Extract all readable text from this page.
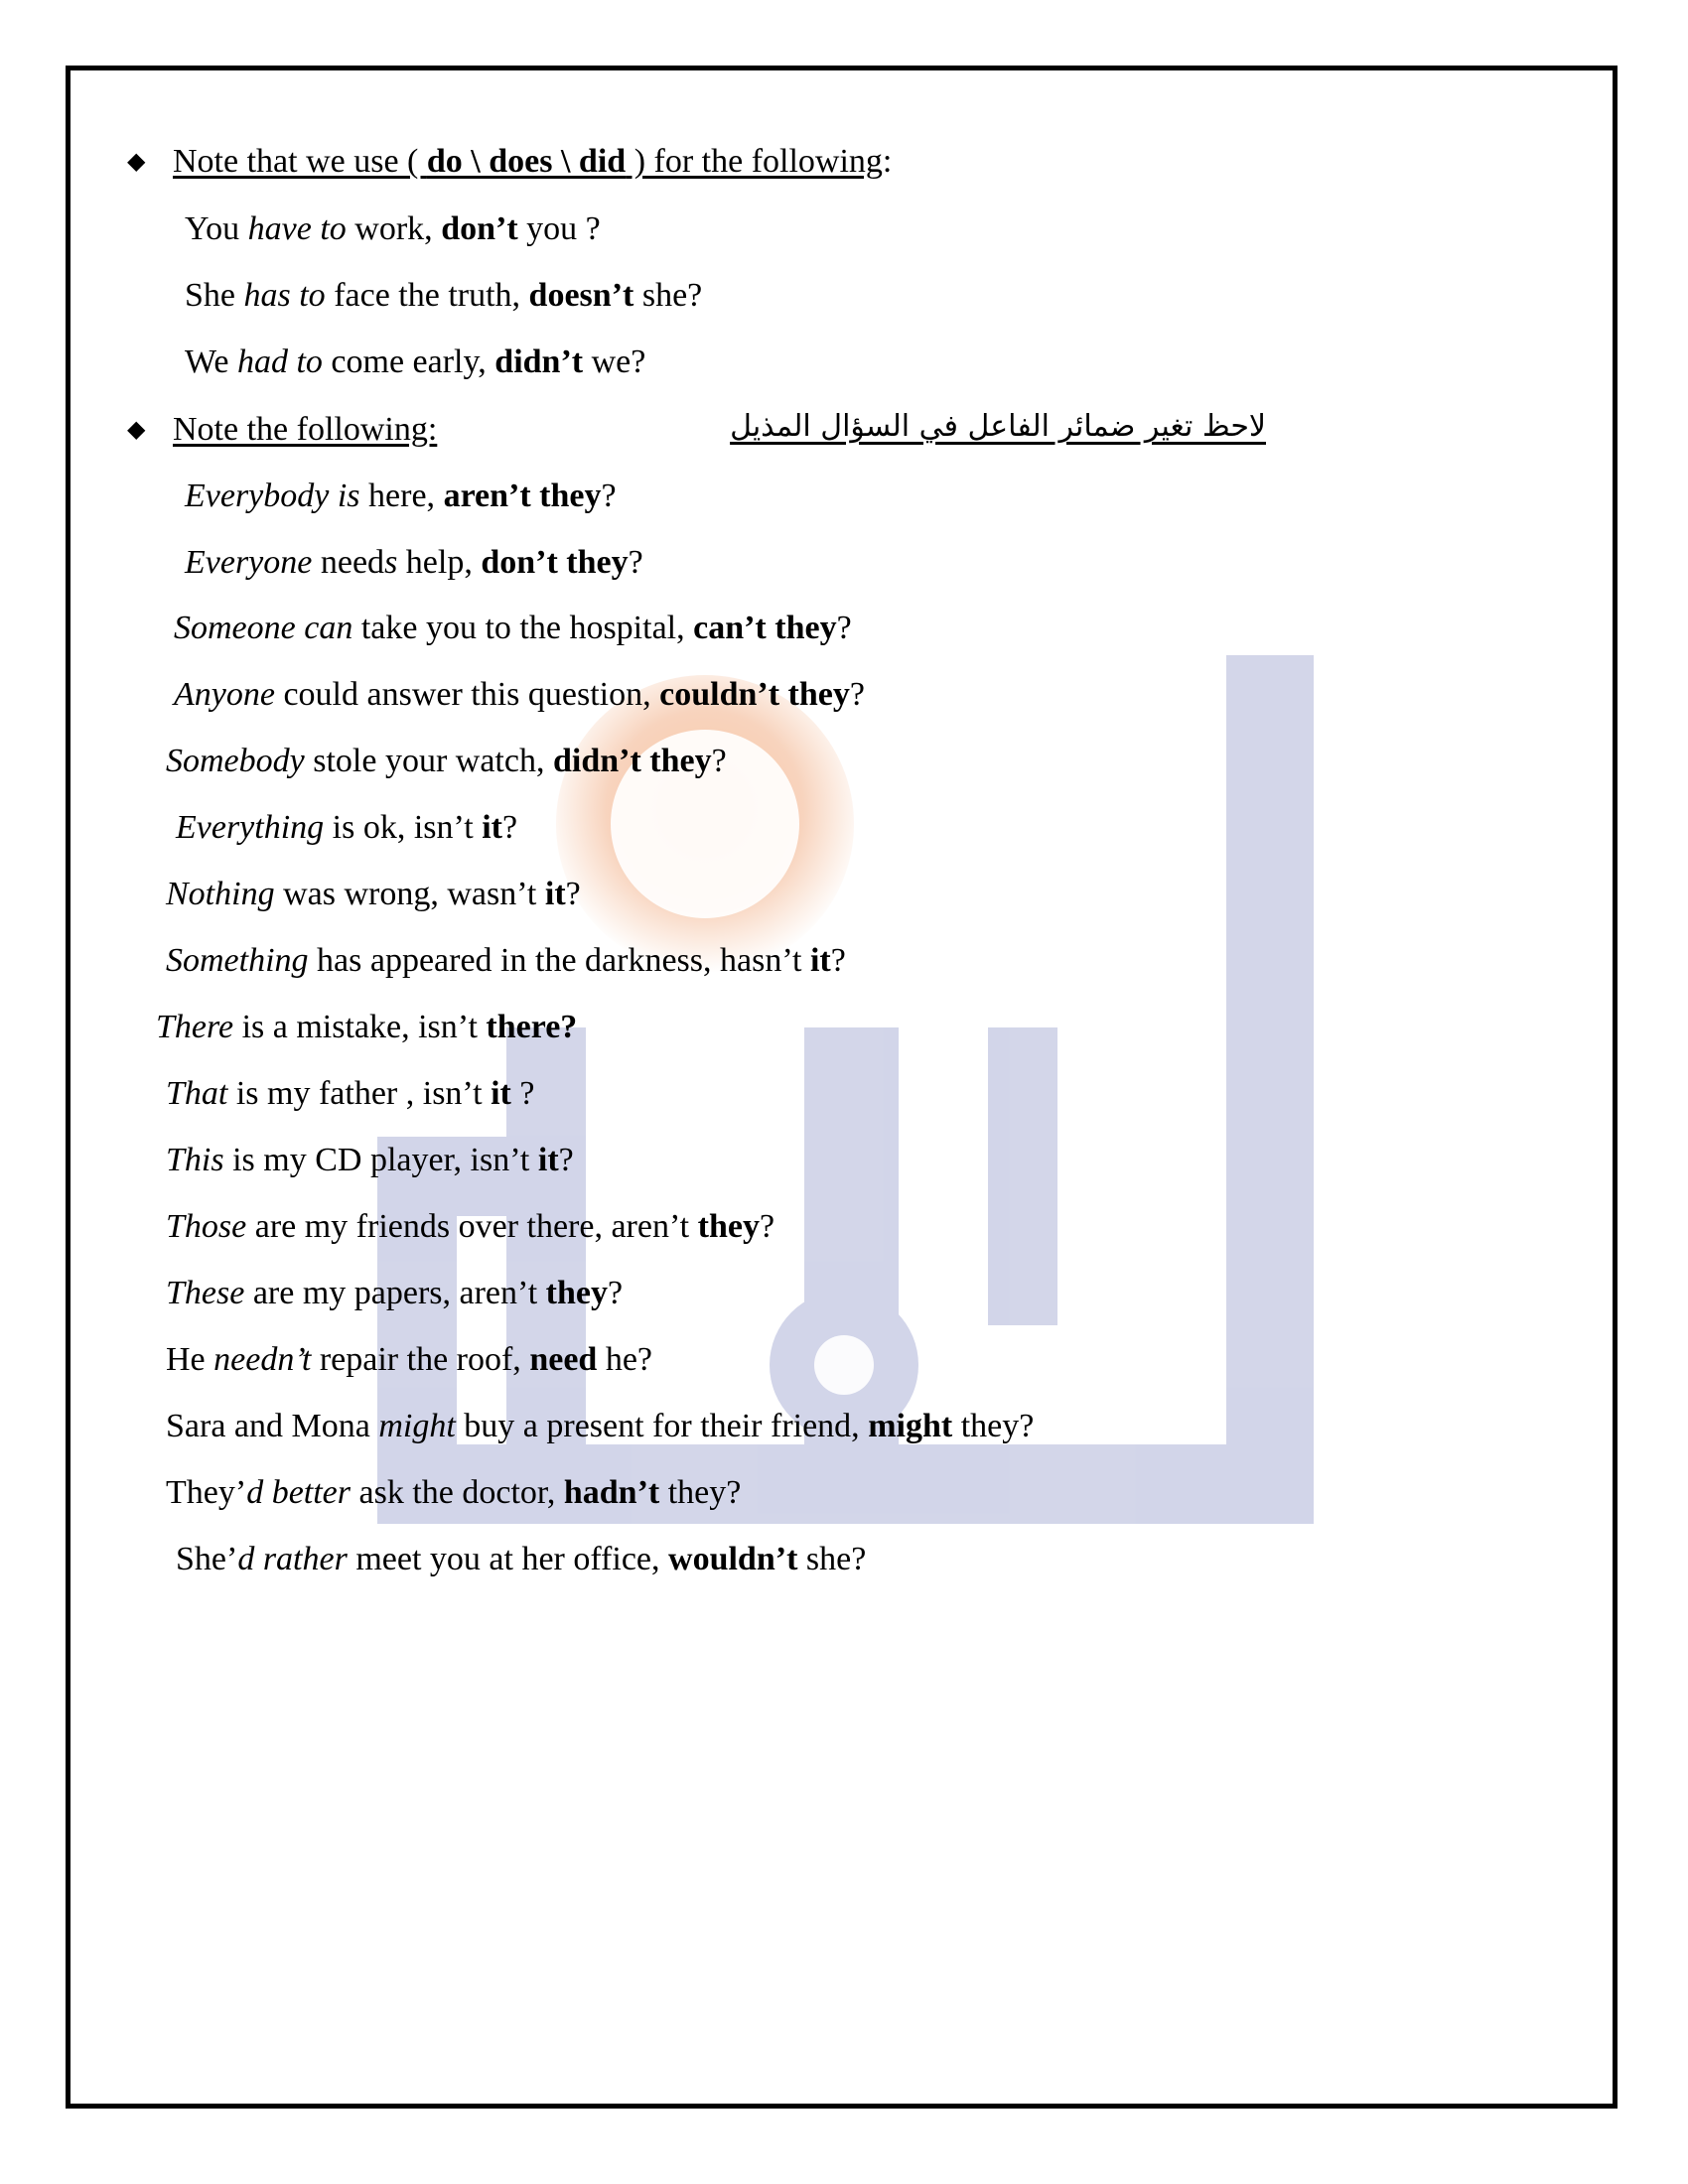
◆ Note that we use ( do \ does \ did ) for the following:
You have to work, don’t you ?
She has to face the truth, doesn’t she?
We had to come early, didn’t we?
◆ Note the following:	لاحظ تغير ضمائر الفاعل في السؤال المذيل
Everybody is here, aren’t they?
Everyone needs help, don’t they?
Someone can take you to the hospital, can’t they?
Anyone could answer this question, couldn’t they?
Somebody stole your watch, didn’t they?
Everything is ok, isn’t it?
Nothing was wrong, wasn’t it?
Something has appeared in the darkness, hasn’t it?
There is a mistake, isn’t there?
That is my father , isn’t it ?
This is my CD player, isn’t it?
Those are my friends over there, aren’t they?
These are my papers, aren’t they?
He needn’t repair the roof, need he?
Sara and Mona might buy a present for their friend, might they?
They’d better ask the doctor, hadn’t they?
She’d rather meet you at her office, wouldn’t she?
